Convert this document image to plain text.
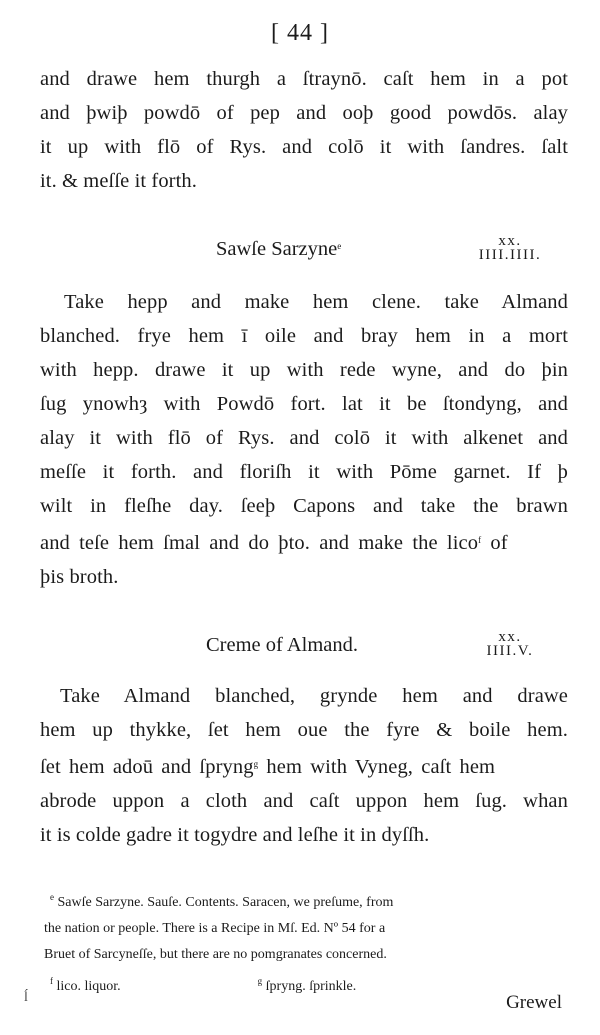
[ 44 ]
and drawe hem thurgh a ſtraynō. caſt hem in a pot
and þwiþ powdō of pep and ooþ good powdōs. alay
it up with flō of Rys. and colō it with ſandres. ſalt
it. & meſſe it forth.
Sawſe Sarzyne$^e$	xx.
IIII.IIII.
Take hepp and make hem clene. take Almand
blanched. frye hem ī oile and bray hem in a mort
with hepp. drawe it up with rede wyne, and do þin
ſug ynowhȝ with Powdō fort. lat it be ſtondyng, and
alay it with flō of Rys. and colō it with alkenet and
meſſe it forth. and floriſh it with Pōme garnet. If þ
wilt in fleſhe day. ſeeþ Capons and take the brawn
and teſe hem ſmal and do þto. and make the lico$^f$ of
þis broth.
Creme of Almand.	xx.
IIII.V.
Take Almand blanched, grynde hem and drawe
hem up thykke, ſet hem oue the fyre & boile hem.
ſet hem adoū and ſpryng$^g$ hem with Vyneg, caſt hem
abrode uppon a cloth and caſt uppon hem ſug. whan
it is colde gadre it togydre and leſhe it in dyſſh.
$^e$ Sawſe Sarzyne. Sauſe. Contents. Saracen, we preſume, from
the nation or people. There is a Recipe in Mſ. Ed. Nº 54 for a
Bruet of Sarcyneſſe, but there are no pomgranates concerned.
$^f$ lico. liquor.	$^g$ ſpryng. ſprinkle.
ĺ	Grewel
